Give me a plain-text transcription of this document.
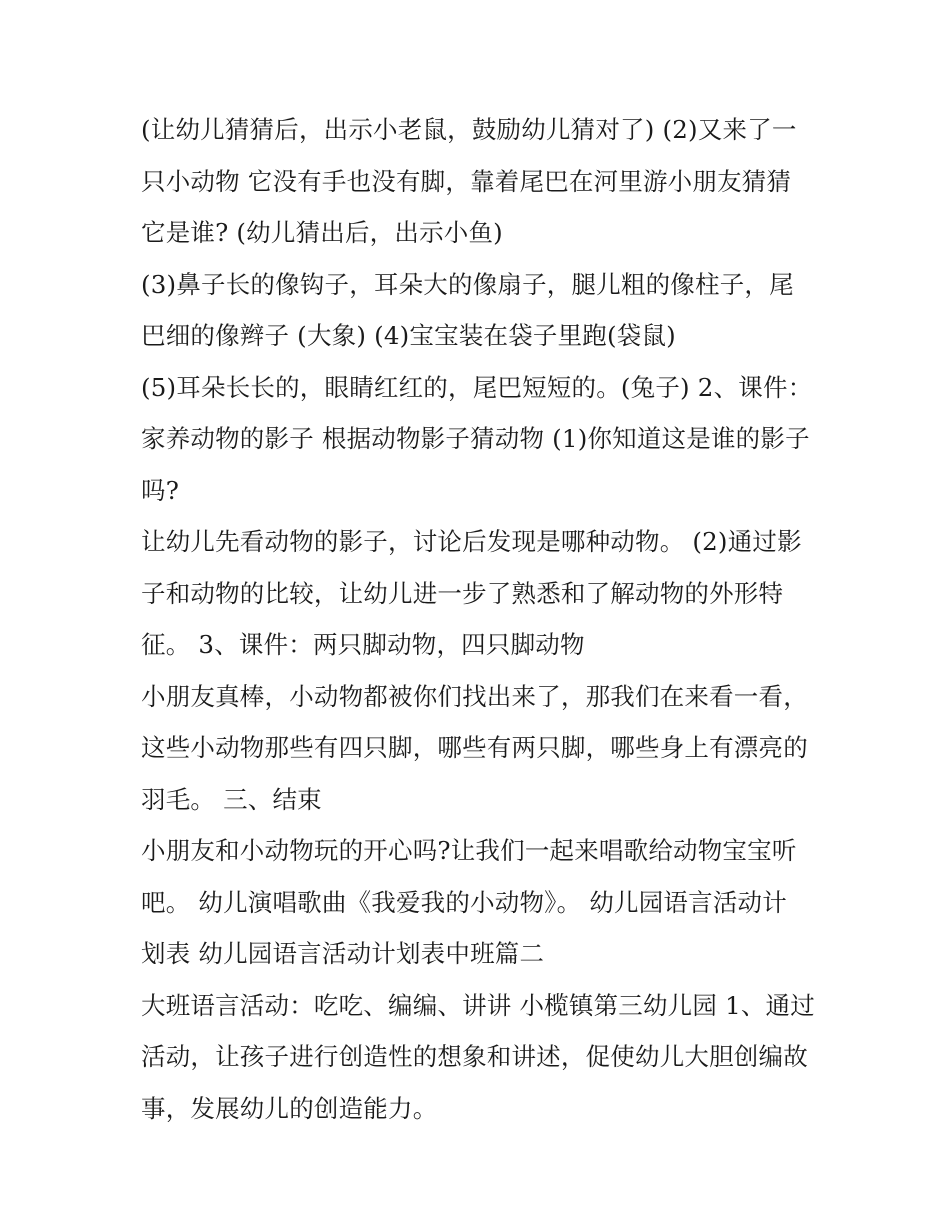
(让幼儿猜猜后，出示小老鼠，鼓励幼儿猜对了) (2)又来了一
只小动物 它没有手也没有脚，靠着尾巴在河里游小朋友猜猜
它是谁? (幼儿猜出后，出示小鱼)
(3)鼻子长的像钩子，耳朵大的像扇子，腿儿粗的像柱子，尾
巴细的像辫子 (大象) (4)宝宝装在袋子里跑(袋鼠)
(5)耳朵长长的，眼睛红红的，尾巴短短的。(兔子) 2、课件：
家养动物的影子 根据动物影子猜动物 (1)你知道这是谁的影子
吗?
让幼儿先看动物的影子，讨论后发现是哪种动物。 (2)通过影
子和动物的比较，让幼儿进一步了熟悉和了解动物的外形特
征。 3、课件：两只脚动物，四只脚动物
小朋友真棒，小动物都被你们找出来了，那我们在来看一看，
这些小动物那些有四只脚，哪些有两只脚，哪些身上有漂亮的
羽毛。 三、结束
小朋友和小动物玩的开心吗?让我们一起来唱歌给动物宝宝听
吧。 幼儿演唱歌曲《我爱我的小动物》。 幼儿园语言活动计
划表 幼儿园语言活动计划表中班篇二
大班语言活动：吃吃、编编、讲讲 小榄镇第三幼儿园 1、通过
活动，让孩子进行创造性的想象和讲述，促使幼儿大胆创编故
事，发展幼儿的创造能力。
